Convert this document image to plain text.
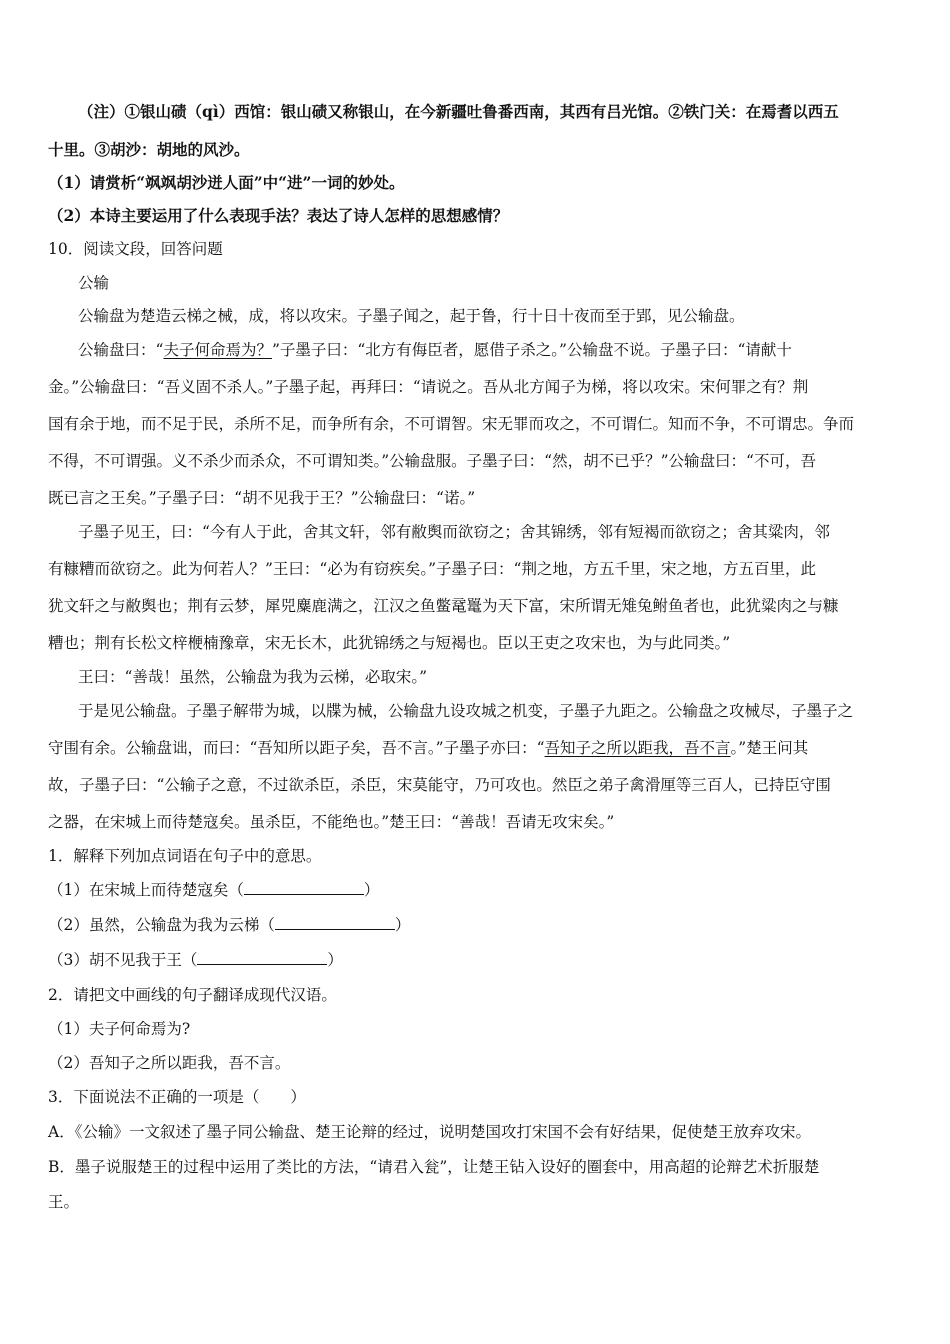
（注）①银山碛（qì）西馆：银山碛又称银山，在今新疆吐鲁番西南，其西有吕光馆。②铁门关：在焉耆以西五
十里。③胡沙：胡地的风沙。
（1）请赏析“飒飒胡沙迸人面”中“进”一词的妙处。
（2）本诗主要运用了什么表现手法？表达了诗人怎样的思想感情？
10．阅读文段，回答问题
公输
公输盘为楚造云梯之械，成，将以攻宋。子墨子闻之，起于鲁，行十日十夜而至于郢，见公输盘。
公输盘曰：“夫子何命焉为？”子墨子曰：“北方有侮臣者，愿借子杀之。”公输盘不说。子墨子曰：“请献十
金。”公输盘曰：“吾义固不杀人。”子墨子起，再拜曰：“请说之。吾从北方闻子为梯，将以攻宋。宋何罪之有？荆
国有余于地，而不足于民，杀所不足，而争所有余，不可谓智。宋无罪而攻之，不可谓仁。知而不争，不可谓忠。争而
不得，不可谓强。义不杀少而杀众，不可谓知类。”公输盘服。子墨子曰：“然，胡不已乎？”公输盘曰：“不可，吾
既已言之王矣。”子墨子曰：“胡不见我于王？”公输盘曰：“诺。”
子墨子见王，曰：“今有人于此，舍其文轩，邻有敝舆而欲窃之；舍其锦绣，邻有短褐而欲窃之；舍其粱肉，邻
有糠糟而欲窃之。此为何若人？”王曰：“必为有窃疾矣。”子墨子曰：“荆之地，方五千里，宋之地，方五百里，此
犹文轩之与敝舆也；荆有云梦，犀兕麋鹿满之，江汉之鱼鳖鼋鼍为天下富，宋所谓无雉兔鲋鱼者也，此犹粱肉之与糠
糟也；荆有长松文梓楩楠豫章，宋无长木，此犹锦绣之与短褐也。臣以王吏之攻宋也，为与此同类。”
王曰：“善哉！虽然，公输盘为我为云梯，必取宋。”
于是见公输盘。子墨子解带为城，以牒为械，公输盘九设攻城之机变，子墨子九距之。公输盘之攻械尽，子墨子之
守围有余。公输盘诎，而曰：“吾知所以距子矣，吾不言。”子墨子亦曰：“吾知子之所以距我，吾不言。”楚王问其
故，子墨子曰：“公输子之意，不过欲杀臣，杀臣，宋莫能守，乃可攻也。然臣之弟子禽滑厘等三百人，已持臣守围
之器，在宋城上而待楚寇矣。虽杀臣，不能绝也。”楚王曰：“善哉！吾请无攻宋矣。”
1．解释下列加点词语在句子中的意思。
（1）在宋城上而待楚寇矣（	）
（2）虽然，公输盘为我为云梯（	）
（3）胡不见我于王（	）
2．请把文中画线的句子翻译成现代汉语。
（1）夫子何命焉为?
（2）吾知子之所以距我，吾不言。
3．下面说法不正确的一项是（　　）
A．《公输》一文叙述了墨子同公输盘、楚王论辩的经过，说明楚国攻打宋国不会有好结果，促使楚王放弃攻宋。
B．墨子说服楚王的过程中运用了类比的方法，“请君入瓮”，让楚王钻入设好的圈套中，用高超的论辩艺术折服楚
王。
